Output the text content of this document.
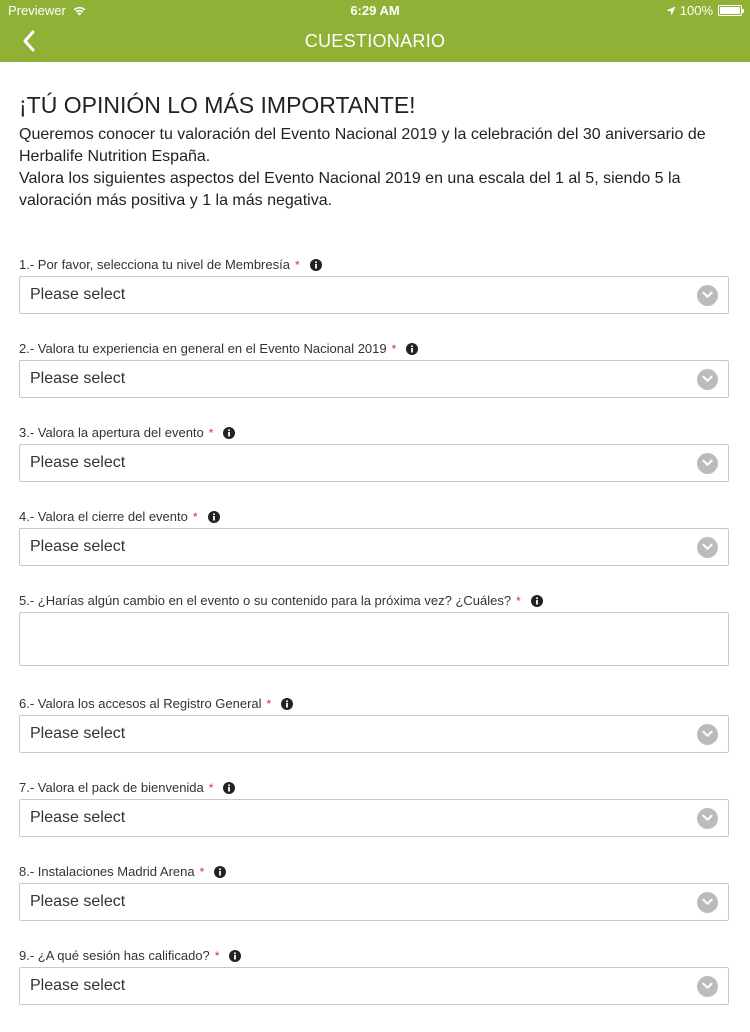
Previewer	6:29 AM	100%
CUESTIONARIO
¡TÚ OPINIÓN LO MÁS IMPORTANTE!

Queremos conocer tu valoración del Evento Nacional 2019 y la celebración del 30 aniversario de Herbalife Nutrition España.

Valora los siguientes aspectos del Evento Nacional 2019 en una escala del 1 al 5, siendo 5 la valoración más positiva y 1 la más negativa.

1.- Por favor, selecciona tu nivel de Membresía *
Please select
2.- Valora tu experiencia en general en el Evento Nacional 2019 *
Please select
3.- Valora la apertura del evento *
Please select
4.- Valora el cierre del evento *
Please select
5.- ¿Harías algún cambio en el evento o su contenido para la próxima vez? ¿Cuáles? *
6.- Valora los accesos al Registro General *
Please select
7.- Valora el pack de bienvenida *
Please select
8.- Instalaciones Madrid Arena *
Please select
9.- ¿A qué sesión has calificado? *
Please select
